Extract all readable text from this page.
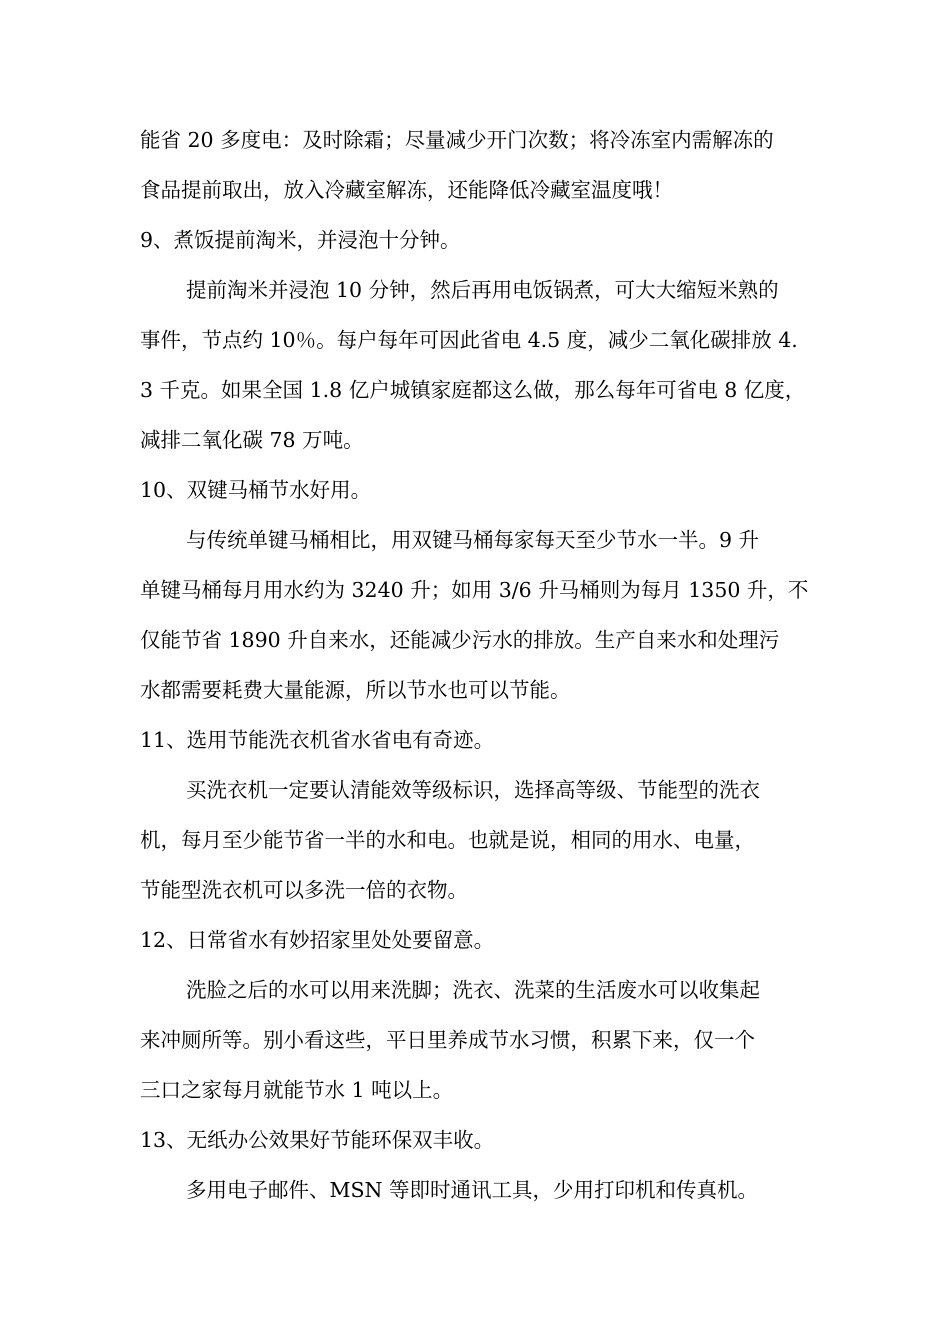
能省 20 多度电：及时除霜；尽量减少开门次数；将冷冻室内需解冻的
食品提前取出，放入冷藏室解冻，还能降低冷藏室温度哦！
9、煮饭提前淘米，并浸泡十分钟。
提前淘米并浸泡 10 分钟，然后再用电饭锅煮，可大大缩短米熟的
事件，节点约 10％。每户每年可因此省电 4.5 度，减少二氧化碳排放 4.
3 千克。如果全国 1.8 亿户城镇家庭都这么做，那么每年可省电 8 亿度，
减排二氧化碳 78 万吨。
10、双键马桶节水好用。
与传统单键马桶相比，用双键马桶每家每天至少节水一半。9 升
单键马桶每月用水约为 3240 升；如用 3/6 升马桶则为每月 1350 升，不
仅能节省 1890 升自来水，还能减少污水的排放。生产自来水和处理污
水都需要耗费大量能源，所以节水也可以节能。
11、选用节能洗衣机省水省电有奇迹。
买洗衣机一定要认清能效等级标识，选择高等级、节能型的洗衣
机，每月至少能节省一半的水和电。也就是说，相同的用水、电量，
节能型洗衣机可以多洗一倍的衣物。
12、日常省水有妙招家里处处要留意。
洗脸之后的水可以用来洗脚；洗衣、洗菜的生活废水可以收集起
来冲厕所等。别小看这些，平日里养成节水习惯，积累下来，仅一个
三口之家每月就能节水 1 吨以上。
13、无纸办公效果好节能环保双丰收。
多用电子邮件、MSN 等即时通讯工具，少用打印机和传真机。
